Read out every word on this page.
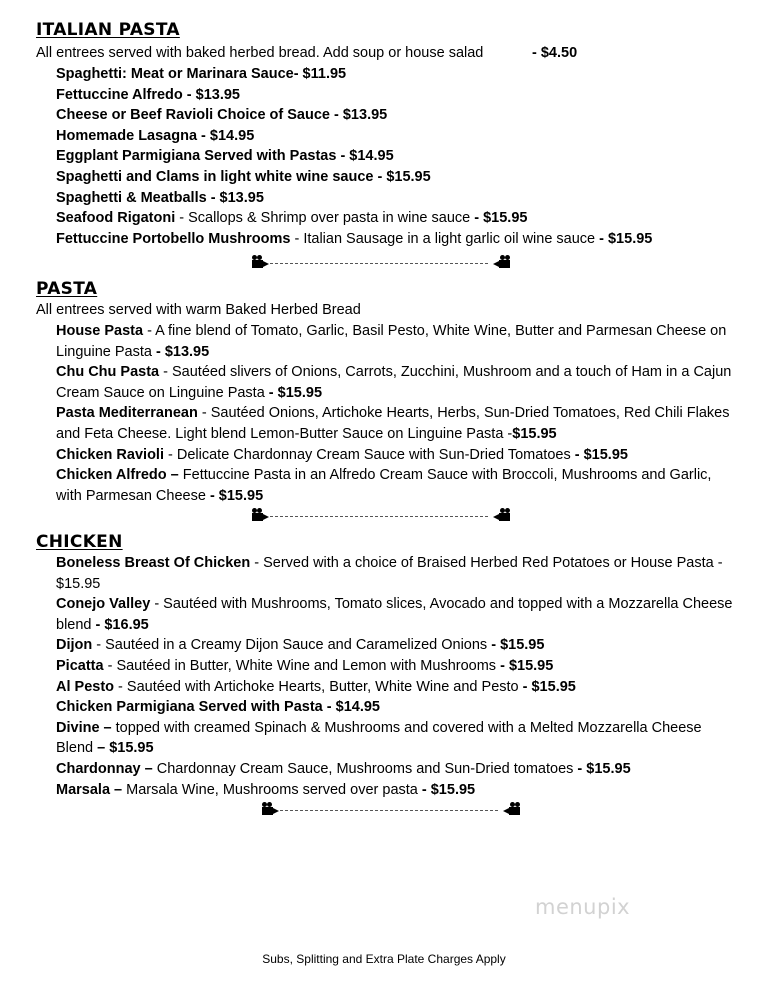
ITALIAN PASTA
All entrees served with baked herbed bread. Add soup or house salad	- $4.50
Spaghetti: Meat or Marinara Sauce- $11.95
Fettuccine Alfredo - $13.95
Cheese or Beef Ravioli Choice of Sauce - $13.95
Homemade Lasagna - $14.95
Eggplant Parmigiana Served with Pastas - $14.95
Spaghetti and Clams in light white wine sauce - $15.95
Spaghetti & Meatballs - $13.95
Seafood Rigatoni - Scallops & Shrimp over pasta in wine sauce - $15.95
Fettuccine Portobello Mushrooms - Italian Sausage in a light garlic oil wine sauce - $15.95
PASTA
All entrees served with warm Baked Herbed Bread
House Pasta - A fine blend of Tomato, Garlic, Basil Pesto, White Wine, Butter and Parmesan Cheese on Linguine Pasta - $13.95
Chu Chu Pasta - Sautéed slivers of Onions, Carrots, Zucchini, Mushroom and a touch of Ham in a Cajun Cream Sauce on Linguine Pasta - $15.95
Pasta Mediterranean - Sautéed Onions, Artichoke Hearts, Herbs, Sun-Dried Tomatoes, Red Chili Flakes and Feta Cheese. Light blend Lemon-Butter Sauce on Linguine Pasta -$15.95
Chicken Ravioli - Delicate Chardonnay Cream Sauce with Sun-Dried Tomatoes - $15.95
Chicken Alfredo – Fettuccine Pasta in an Alfredo Cream Sauce with Broccoli, Mushrooms and Garlic, with Parmesan Cheese - $15.95
CHICKEN
Boneless Breast Of Chicken - Served with a choice of Braised Herbed Red Potatoes or House Pasta - $15.95
Conejo Valley - Sautéed with Mushrooms, Tomato slices, Avocado and topped with a Mozzarella Cheese blend - $16.95
Dijon - Sautéed in a Creamy Dijon Sauce and Caramelized Onions - $15.95
Picatta - Sautéed in Butter, White Wine and Lemon with Mushrooms - $15.95
Al Pesto - Sautéed with Artichoke Hearts, Butter, White Wine and Pesto - $15.95
Chicken Parmigiana Served with Pasta - $14.95
Divine – topped with creamed Spinach & Mushrooms and covered with a Melted Mozzarella Cheese Blend – $15.95
Chardonnay – Chardonnay Cream Sauce, Mushrooms and Sun-Dried tomatoes - $15.95
Marsala – Marsala Wine, Mushrooms served over pasta - $15.95
menupix
Subs, Splitting and Extra Plate Charges Apply
